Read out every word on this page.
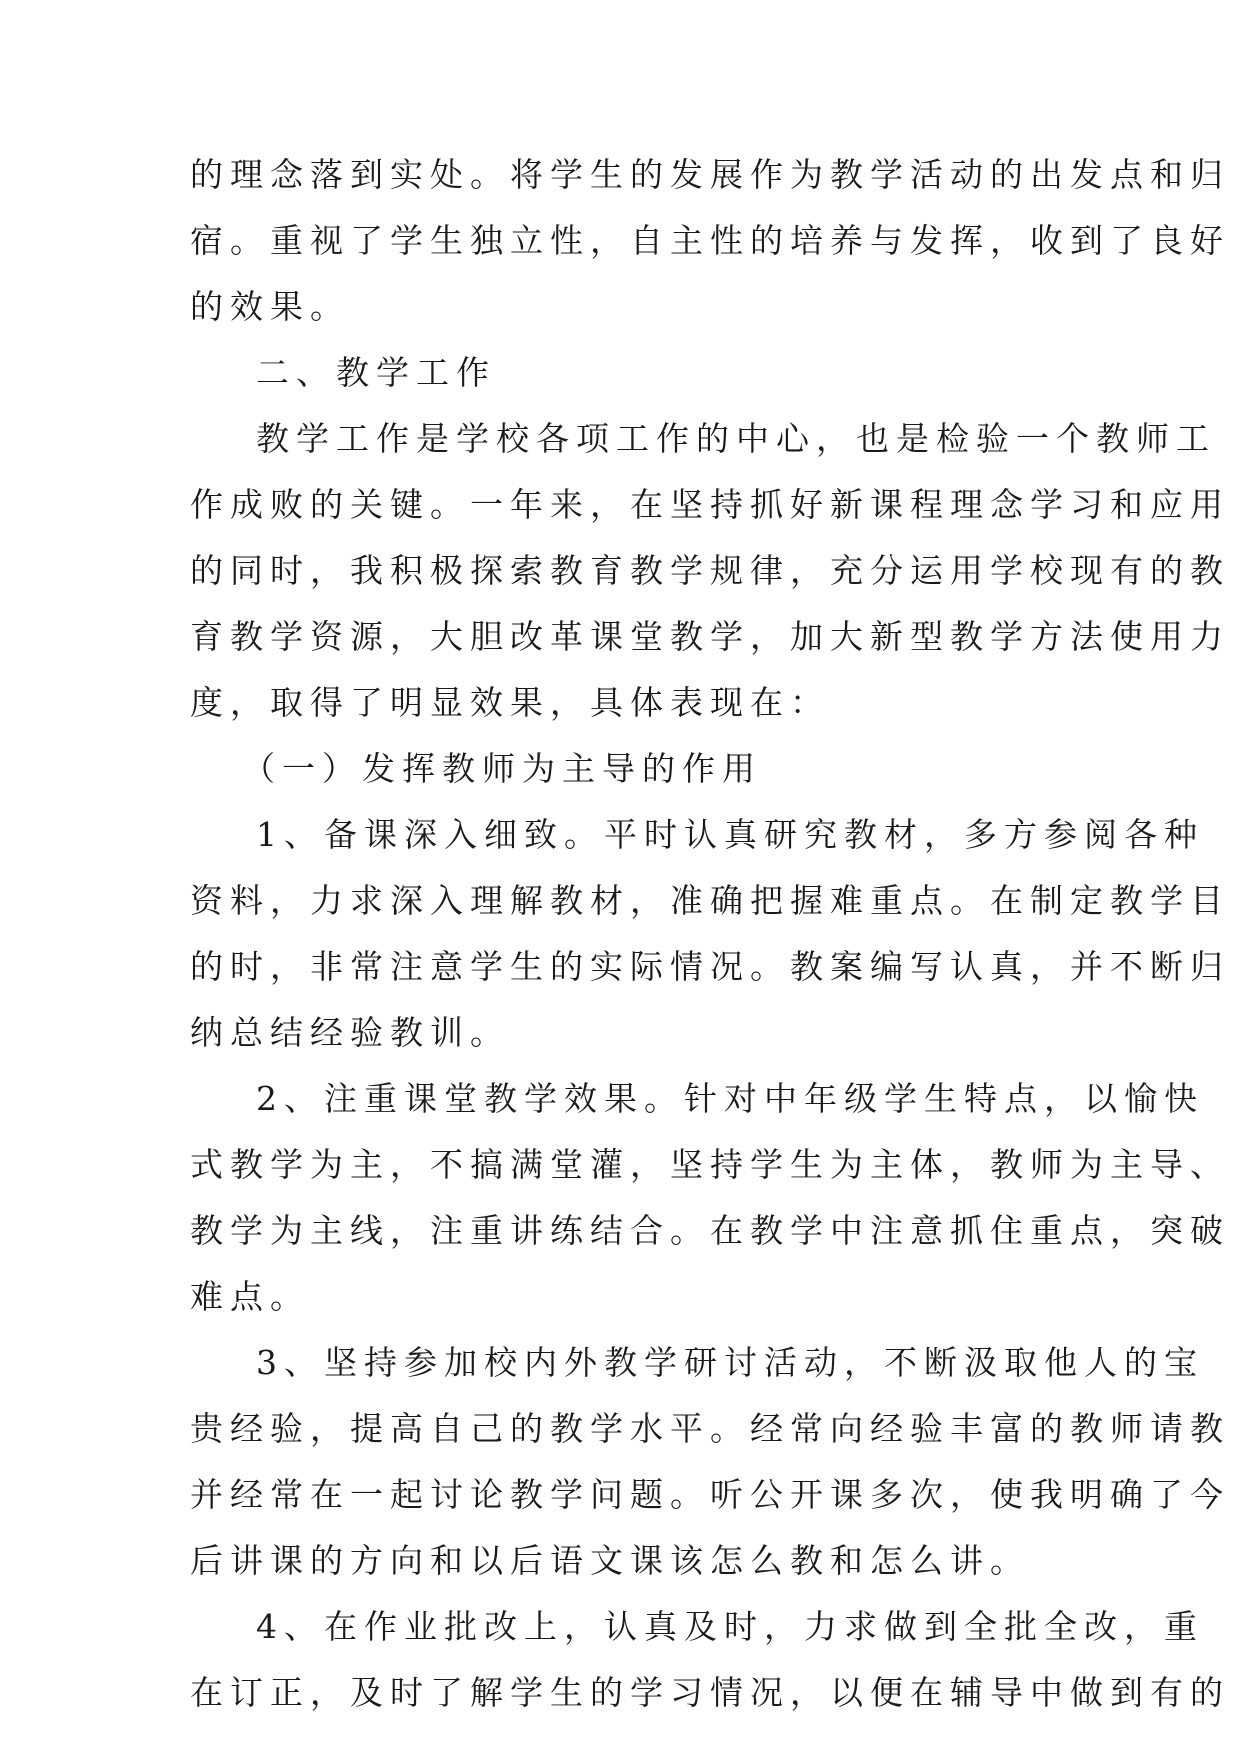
的理念落到实处。将学生的发展作为教学活动的出发点和归
宿。重视了学生独立性，自主性的培养与发挥，收到了良好
的效果。
二、教学工作
教学工作是学校各项工作的中心，也是检验一个教师工
作成败的关键。一年来，在坚持抓好新课程理念学习和应用
的同时，我积极探索教育教学规律，充分运用学校现有的教
育教学资源，大胆改革课堂教学，加大新型教学方法使用力
度，取得了明显效果，具体表现在：
（一）发挥教师为主导的作用
1、备课深入细致。平时认真研究教材，多方参阅各种
资料，力求深入理解教材，准确把握难重点。在制定教学目
的时，非常注意学生的实际情况。教案编写认真，并不断归
纳总结经验教训。
2、注重课堂教学效果。针对中年级学生特点，以愉快
式教学为主，不搞满堂灌，坚持学生为主体，教师为主导、
教学为主线，注重讲练结合。在教学中注意抓住重点，突破
难点。
3、坚持参加校内外教学研讨活动，不断汲取他人的宝
贵经验，提高自己的教学水平。经常向经验丰富的教师请教
并经常在一起讨论教学问题。听公开课多次，使我明确了今
后讲课的方向和以后语文课该怎么教和怎么讲。
4、在作业批改上，认真及时，力求做到全批全改，重
在订正，及时了解学生的学习情况，以便在辅导中做到有的
